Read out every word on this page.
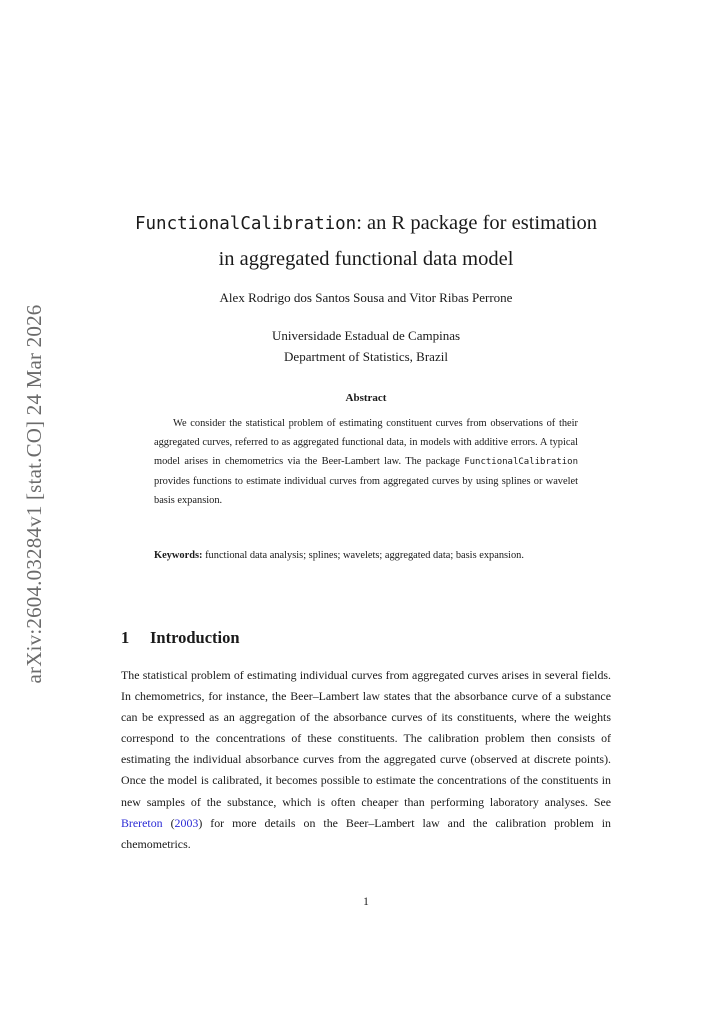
arXiv:2604.03284v1 [stat.CO] 24 Mar 2026
FunctionalCalibration: an R package for estimation
in aggregated functional data model
Alex Rodrigo dos Santos Sousa and Vitor Ribas Perrone
Universidade Estadual de Campinas
Department of Statistics, Brazil
Abstract

We consider the statistical problem of estimating constituent curves from observations of their aggregated curves, referred to as aggregated functional data, in models with additive errors. A typical model arises in chemometrics via the Beer-Lambert law. The package FunctionalCalibration provides functions to estimate individual curves from aggregated curves by using splines or wavelet basis expansion.

Keywords: functional data analysis; splines; wavelets; aggregated data; basis expansion.
1 Introduction

The statistical problem of estimating individual curves from aggregated curves arises in several fields. In chemometrics, for instance, the Beer–Lambert law states that the absorbance curve of a substance can be expressed as an aggregation of the absorbance curves of its constituents, where the weights correspond to the concentrations of these constituents. The calibration problem then consists of estimating the individual absorbance curves from the aggregated curve (observed at discrete points). Once the model is calibrated, it becomes possible to estimate the concentrations of the constituents in new samples of the substance, which is often cheaper than performing laboratory analyses. See Brereton (2003) for more details on the Beer–Lambert law and the calibration problem in chemometrics.

1
